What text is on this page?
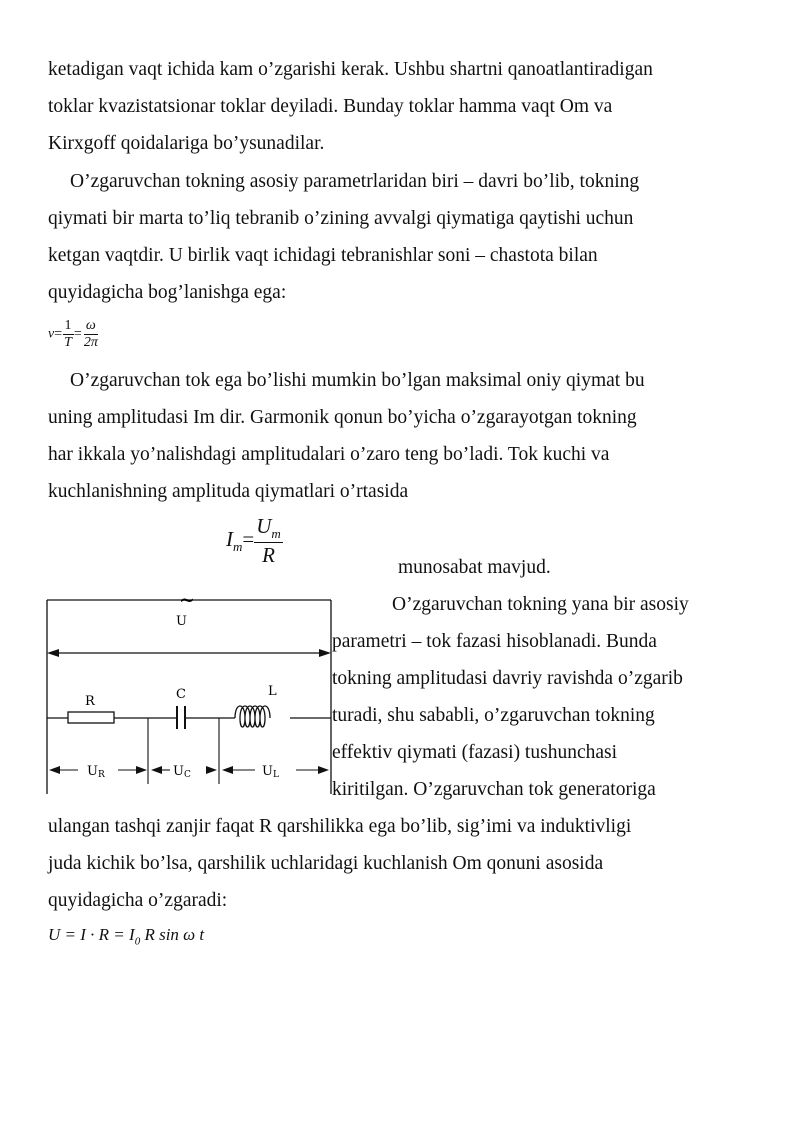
ketadigan vaqt ichida kam o’zgarishi kerak. Ushbu shartni qanoatlantiradigan
toklar kvazistatsionar toklar deyiladi. Bunday toklar hamma vaqt Om va
Kirxgoff qoidalariga bo’ysunadilar.
O’zgaruvchan tokning asosiy parametrlaridan biri – davri bo’lib, tokning
qiymati bir marta to’liq tebranib o’zining avvalgi qiymatiga qaytishi uchun
ketgan vaqtdir. U birlik vaqt ichidagi tebranishlar soni – chastota bilan
quyidagicha bog’lanishga ega:
$v= \frac{1}{T} = \frac{\omega}{2\pi}$
O’zgaruvchan tok ega bo’lishi mumkin bo’lgan maksimal oniy qiymat bu
uning amplitudasi Im dir. Garmonik qonun bo’yicha o’zgarayotgan tokning
har ikkala yo’nalishdagi amplitudalari o’zaro teng bo’ladi. Tok kuchi va
kuchlanishning amplituda qiymatlari o’rtasida
$I_m= \frac{U_m}{R}$	munosabat mavjud.
~
U
R	C	L
UR	UC	UL
O’zgaruvchan tokning yana bir asosiy
parametri – tok fazasi hisoblanadi. Bunda
tokning amplitudasi davriy ravishda o’zgarib
turadi, shu sababli, o’zgaruvchan tokning
effektiv qiymati (fazasi) tushunchasi
kiritilgan. O’zgaruvchan tok generatoriga
ulangan tashqi zanjir faqat R qarshilikka ega bo’lib, sig’imi va induktivligi
juda kichik bo’lsa, qarshilik uchlaridagi kuchlanish Om qonuni asosida
quyidagicha o’zgaradi:
$U = I \cdot R = I_0$ R sin ω t
